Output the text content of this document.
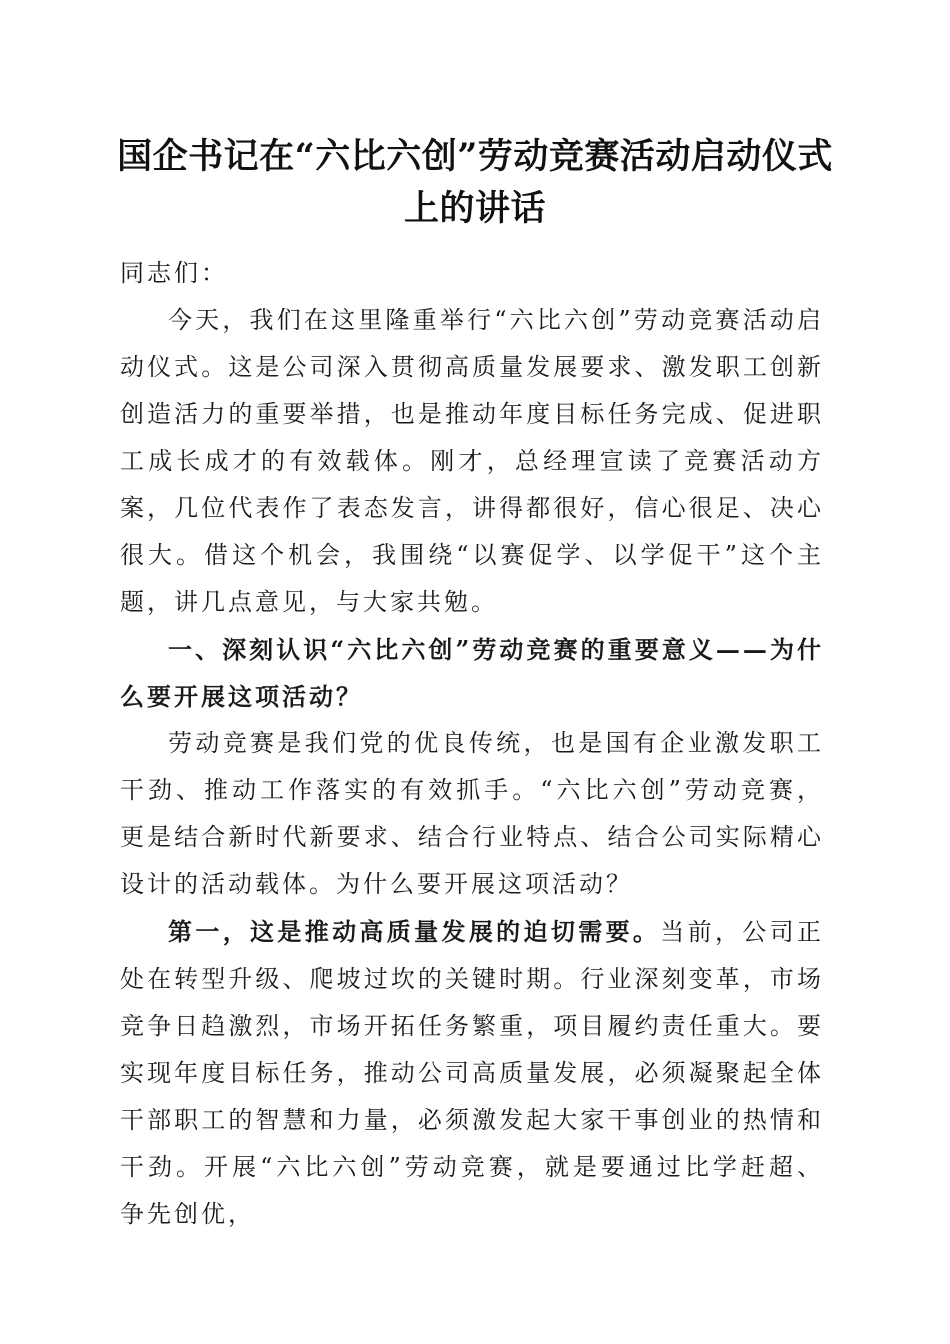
国企书记在“六比六创”劳动竞赛活动启动仪式上的讲话

同志们：

今天，我们在这里隆重举行“六比六创”劳动竞赛活动启动仪式。这是公司深入贯彻高质量发展要求、激发职工创新创造活力的重要举措，也是推动年度目标任务完成、促进职工成长成才的有效载体。刚才，总经理宣读了竞赛活动方案，几位代表作了表态发言，讲得都很好，信心很足、决心很大。借这个机会，我围绕“以赛促学、以学促干”这个主题，讲几点意见，与大家共勉。

一、深刻认识“六比六创”劳动竞赛的重要意义——为什么要开展这项活动？

劳动竞赛是我们党的优良传统，也是国有企业激发职工干劲、推动工作落实的有效抓手。“六比六创”劳动竞赛，更是结合新时代新要求、结合行业特点、结合公司实际精心设计的活动载体。为什么要开展这项活动？

第一，这是推动高质量发展的迫切需要。当前，公司正处在转型升级、爬坡过坎的关键时期。行业深刻变革，市场竞争日趋激烈，市场开拓任务繁重，项目履约责任重大。要实现年度目标任务，推动公司高质量发展，必须凝聚起全体干部职工的智慧和力量，必须激发起大家干事创业的热情和干劲。开展“六比六创”劳动竞赛，就是要通过比学赶超、争先创优，
